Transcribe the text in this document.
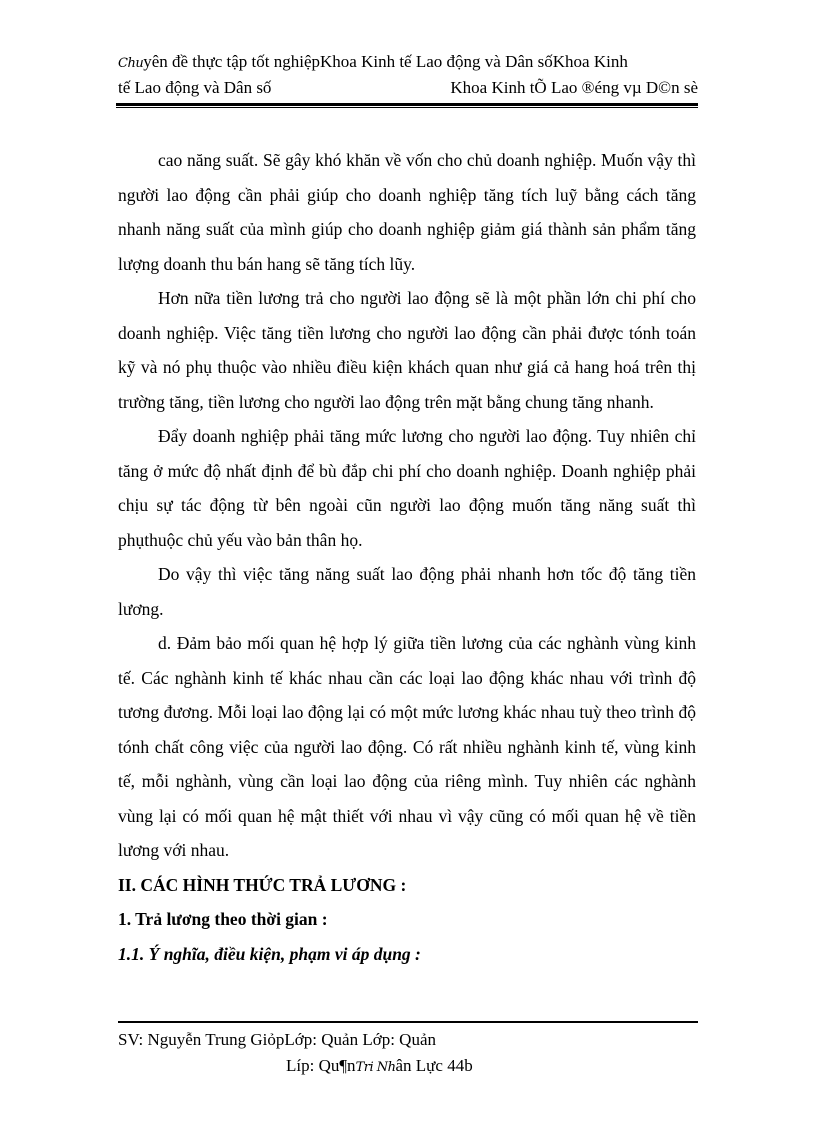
Chuyên đề thực tập tốt nghiệpKhoa Kinh tế Lao động và Dân sốKhoa Kinh
tế Lao động và Dân số	Khoa Kinh tÕ Lao ®éng vµ D©n sè

cao năng suất. Sẽ gây khó khăn về vốn cho chủ doanh nghiệp. Muốn vậy thì người lao động cần phải giúp cho doanh nghiệp tăng tích luỹ bằng cách tăng nhanh năng suất của mình giúp cho doanh nghiệp giảm giá thành sản phẩm tăng lượng doanh thu bán hang sẽ tăng tích lũy.

Hơn nữa tiền lương trả cho người lao động sẽ là một phần lớn chi phí cho doanh nghiệp. Việc tăng tiền lương cho người lao động cần phải được tónh toán kỹ và nó phụ thuộc vào nhiều điều kiện khách quan như giá cả hang hoá trên thị trường tăng, tiền lương cho người lao động trên mặt bằng chung tăng nhanh.

Đẩy doanh nghiệp phải tăng mức lương cho người lao động. Tuy nhiên chỉ tăng ở mức độ nhất định để bù đắp chi phí cho doanh nghiệp. Doanh nghiệp phải chịu sự tác động từ bên ngoài cũn người lao động muốn tăng năng suất thì phụthuộc chủ yếu vào bản thân họ.

Do vậy thì việc tăng năng suất lao động phải nhanh hơn tốc độ tăng tiền lương.

d. Đảm bảo mối quan hệ hợp lý giữa tiền lương của các nghành vùng kinh tế. Các nghành kinh tế khác nhau cần các loại lao động khác nhau với trình độ tương đương. Mỗi loại lao động lại có một mức lương khác nhau tuỳ theo trình độ tónh chất công việc của người lao động. Có rất nhiều nghành kinh tế, vùng kinh tế, mỗi nghành, vùng cần loại lao động của riêng mình. Tuy nhiên các nghành vùng lại có mối quan hệ mật thiết với nhau vì vậy cũng có mối quan hệ về tiền lương với nhau.

II. CÁC HÌNH THỨC TRẢ LƯƠNG :

1. Trả lương theo thời gian :

1.1. Ý nghĩa, điều kiện, phạm vi áp dụng :

SV: Nguyễn Trung GiỏpLớp: Quản Lớp: Quản
Líp: Qu¶nTri Nhân Lực 44b
